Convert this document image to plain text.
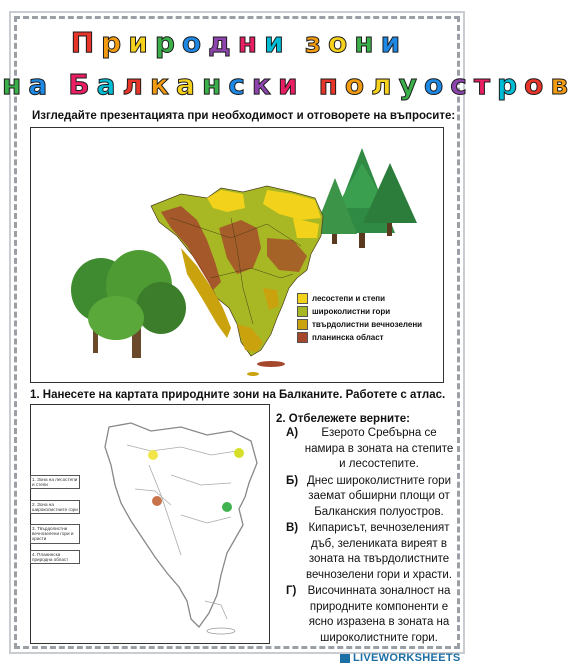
П р и р о д н и з о н и
н а Б а л к а н с к и п о л у о с т р о в
Изгледайте презентацията при необходимост и отговорете на въпросите:
лесостепи и степи
широколистни гори
твърдолистни вечнозелени
планинска област
1. Нанесете на картата природните зони на Балканите. Работете с атлас.
1. Зона на лесостепи и степи
2. Зона на широколистните гори
3. Твърдолистни вечнозелени гори и храсти
4. Планинска природна област
2. Отбележете верните:
А)	Езерото Сребърна се намира в зоната на степите и лесостепите.
Б) Днес широколистните гори заемат обширни площи от Балканския полуостров.
В) Кипарисът, вечнозеленият дъб, зелениката виреят в зоната на твърдолистните вечнозелени гори и храсти.
Г) Височинната зоналност на природните компоненти е ясно изразена в зоната на широколистните гори.
LIVEWORKSHEETS
